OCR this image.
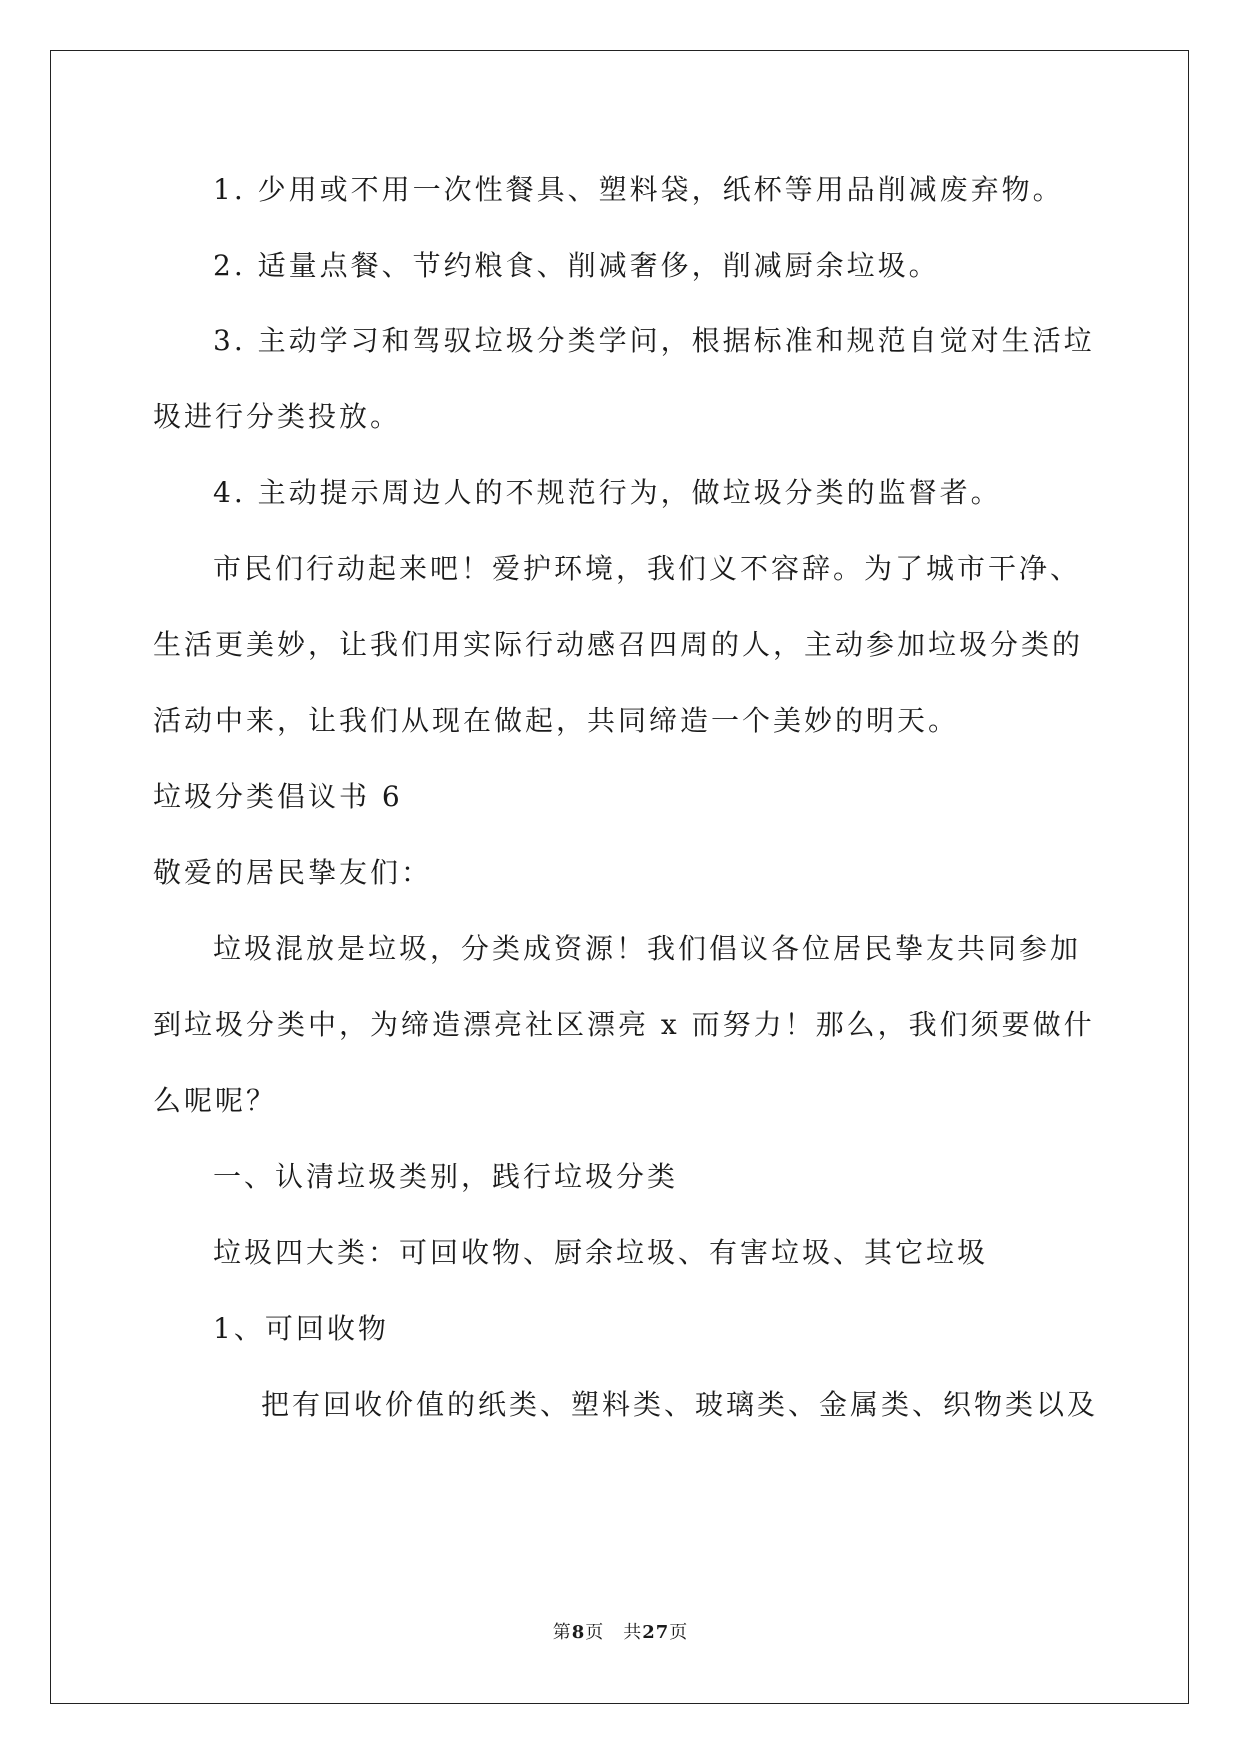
1. 少用或不用一次性餐具、塑料袋，纸杯等用品削减废弃物。
2. 适量点餐、节约粮食、削减奢侈，削减厨余垃圾。
3. 主动学习和驾驭垃圾分类学问，根据标准和规范自觉对生活垃
圾进行分类投放。
4. 主动提示周边人的不规范行为，做垃圾分类的监督者。
市民们行动起来吧！爱护环境，我们义不容辞。为了城市干净、
生活更美妙，让我们用实际行动感召四周的人，主动参加垃圾分类的
活动中来，让我们从现在做起，共同缔造一个美妙的明天。
垃圾分类倡议书 6
敬爱的居民挚友们：
垃圾混放是垃圾，分类成资源！我们倡议各位居民挚友共同参加
到垃圾分类中，为缔造漂亮社区漂亮 x 而努力！那么，我们须要做什
么呢呢？
一、认清垃圾类别，践行垃圾分类
垃圾四大类：可回收物、厨余垃圾、有害垃圾、其它垃圾
1、可回收物
把有回收价值的纸类、塑料类、玻璃类、金属类、织物类以及
第8页　共27页
